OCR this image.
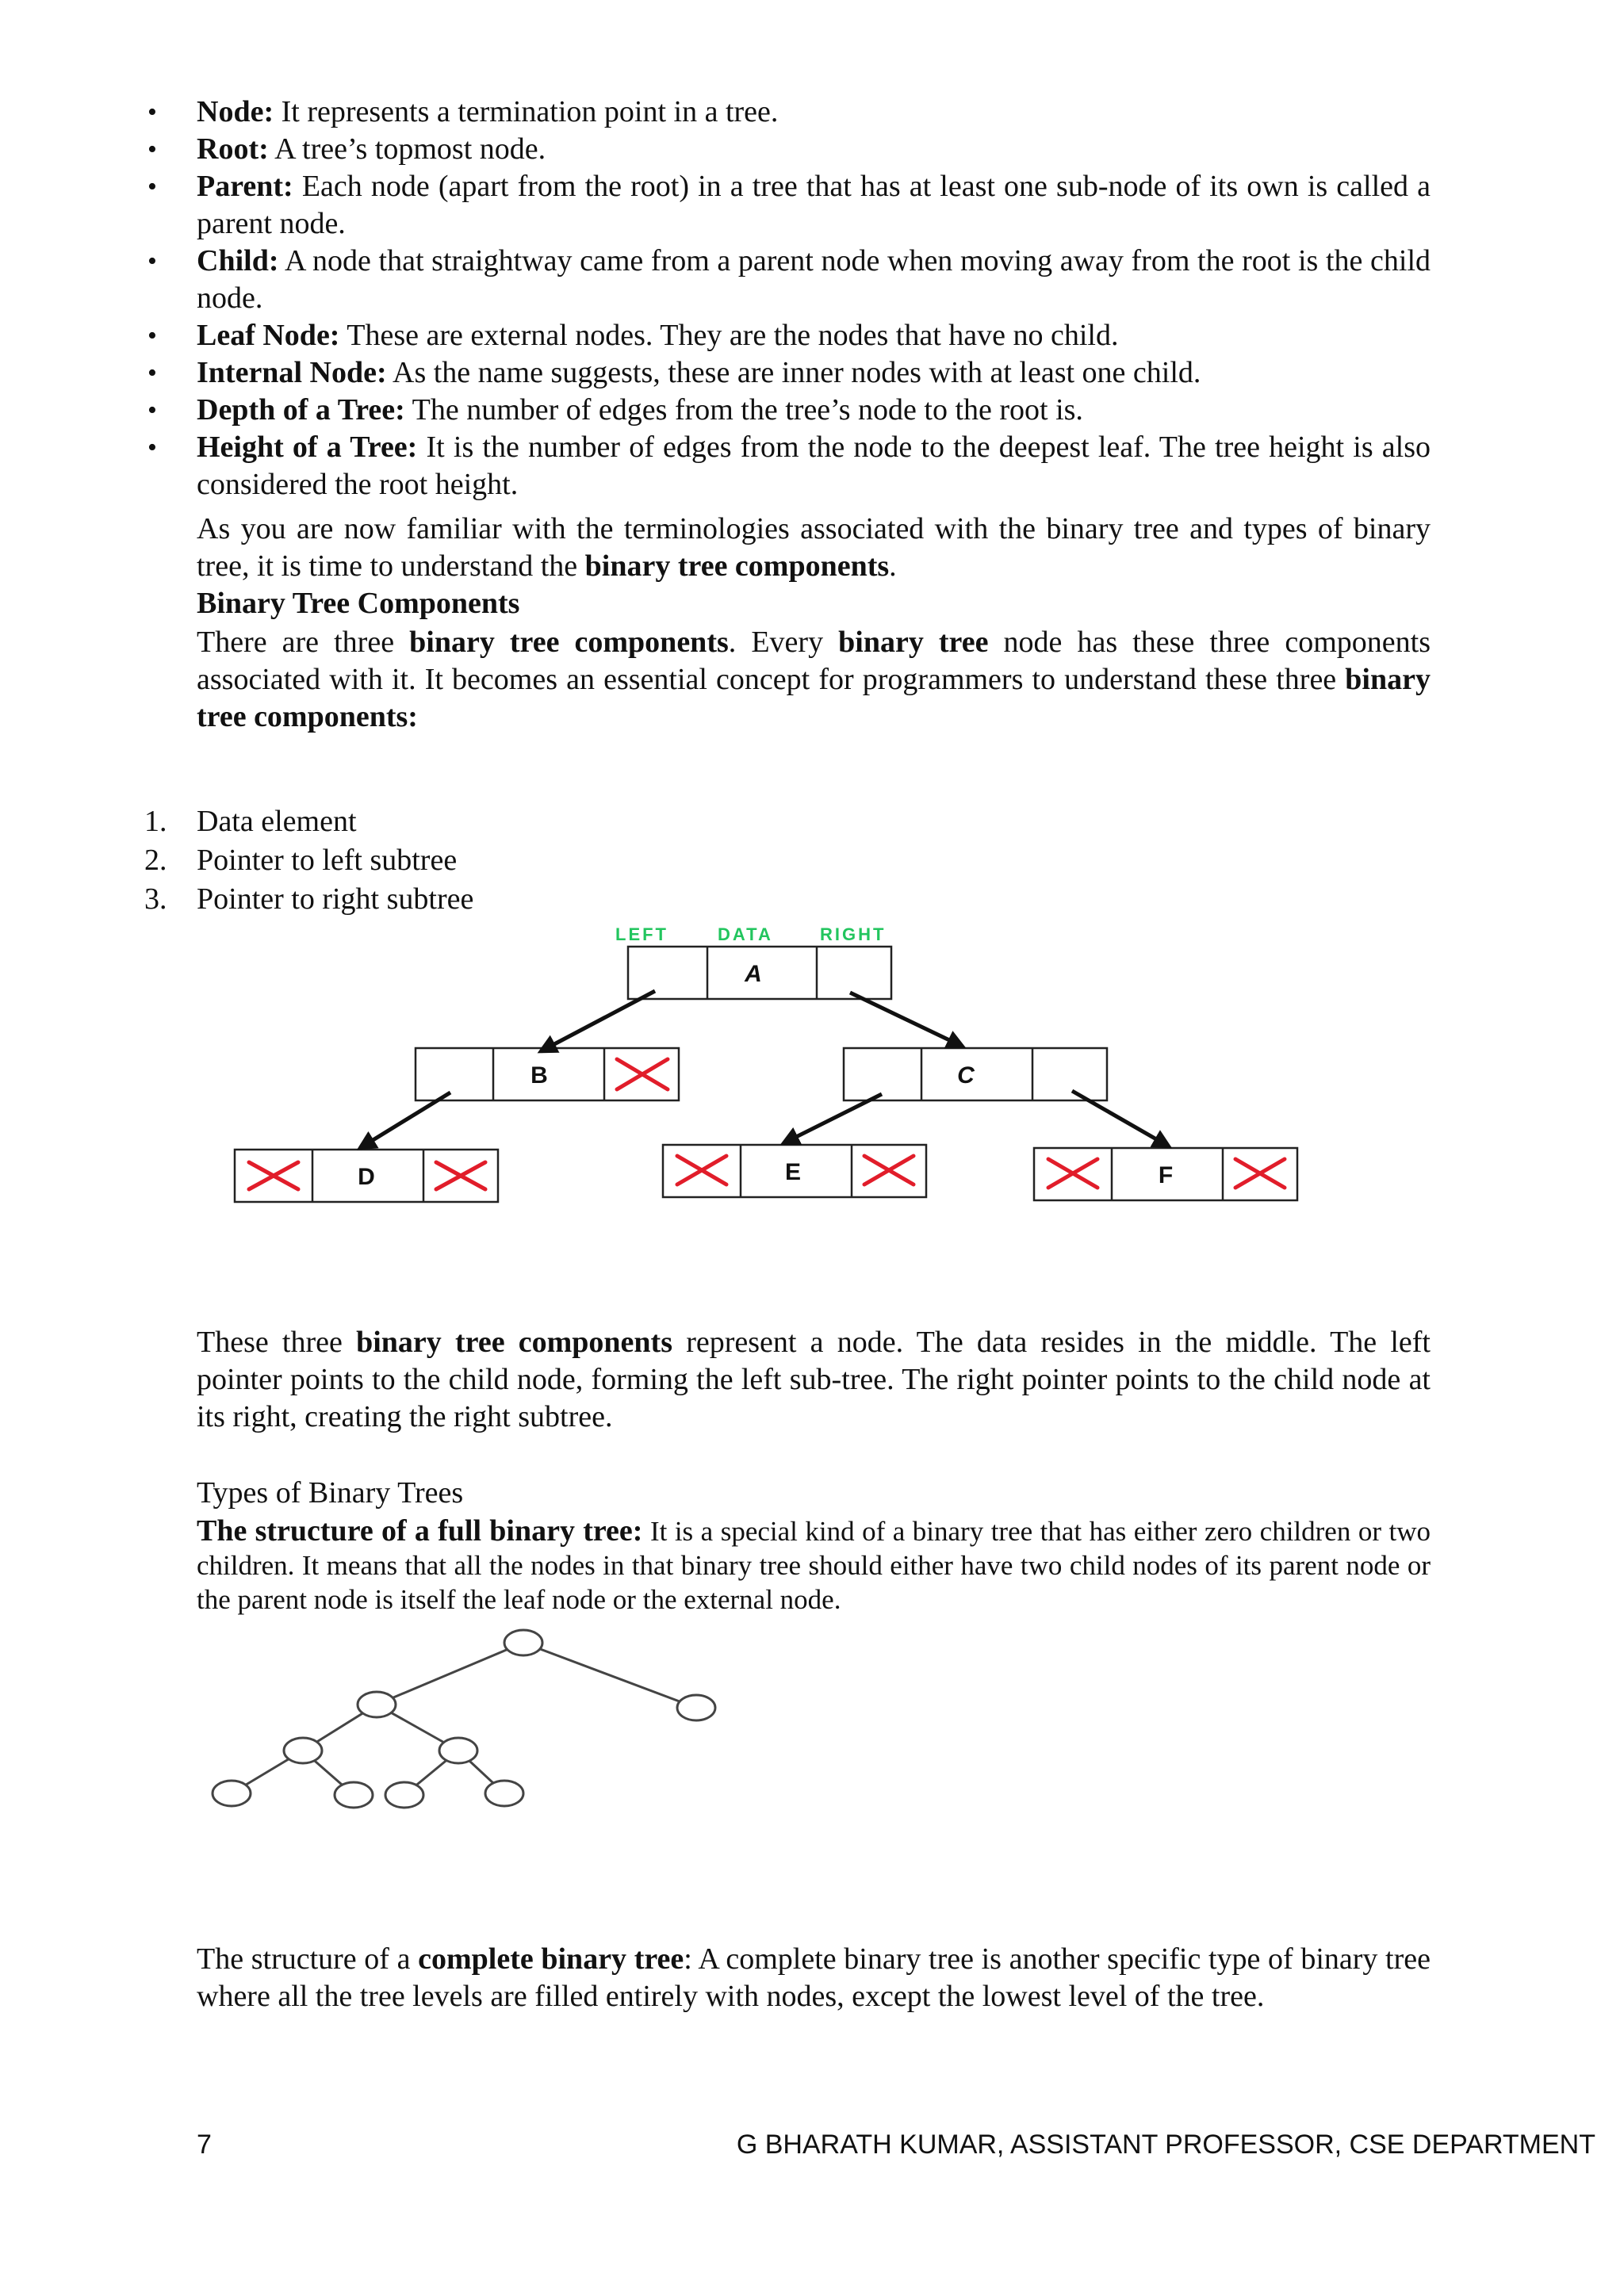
• Node: It represents a termination point in a tree.
• Root: A tree’s topmost node.
• Parent: Each node (apart from the root) in a tree that has at least one sub-node of its own is called a parent node.
• Child: A node that straightway came from a parent node when moving away from the root is the child node.
• Leaf Node: These are external nodes. They are the nodes that have no child.
• Internal Node: As the name suggests, these are inner nodes with at least one child.
• Depth of a Tree: The number of edges from the tree’s node to the root is.
• Height of a Tree: It is the number of edges from the node to the deepest leaf. The tree height is also considered the root height.
As you are now familiar with the terminologies associated with the binary tree and types of binary tree, it is time to understand the binary tree components.
Binary Tree Components
There are three binary tree components. Every binary tree node has these three components associated with it. It becomes an essential concept for programmers to understand these three binary tree components:
1. Data element
2. Pointer to left subtree
3. Pointer to right subtree
LEFT	DATA	RIGHT
A
B	C
D	E	F
These three binary tree components represent a node. The data resides in the middle. The left pointer points to the child node, forming the left sub-tree. The right pointer points to the child node at its right, creating the right subtree.
Types of Binary Trees
The structure of a full binary tree: It is a special kind of a binary tree that has either zero children or two children. It means that all the nodes in that binary tree should either have two child nodes of its parent node or the parent node is itself the leaf node or the external node.
The structure of a complete binary tree: A complete binary tree is another specific type of binary tree where all the tree levels are filled entirely with nodes, except the lowest level of the tree.
7	G BHARATH KUMAR, ASSISTANT PROFESSOR, CSE DEPARTMENT
